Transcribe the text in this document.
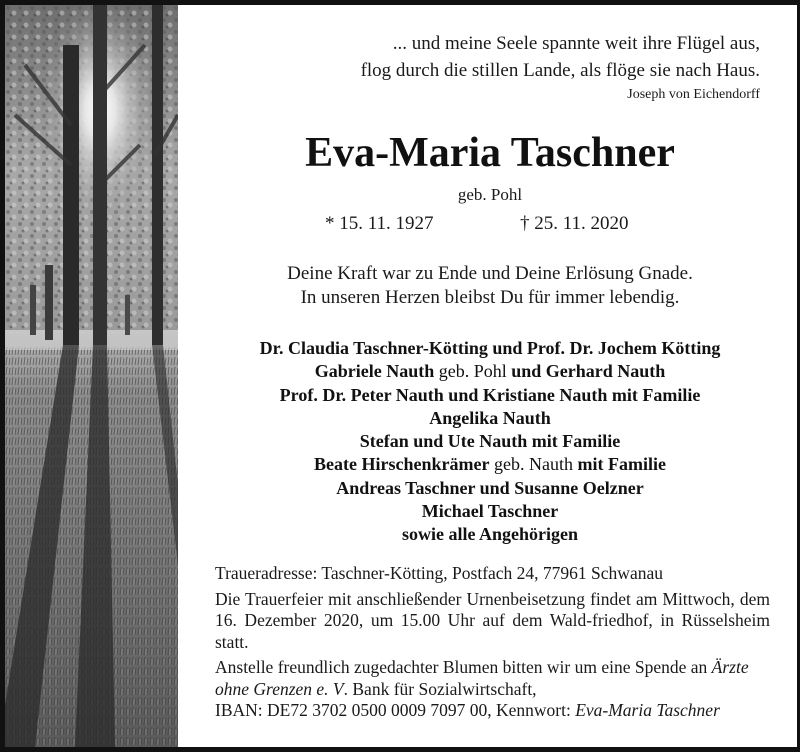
... und meine Seele spannte weit ihre Flügel aus,
flog durch die stillen Lande, als flöge sie nach Haus.
Joseph von Eichendorff
Eva-Maria Taschner
geb. Pohl
* 15. 11. 1927	† 25. 11. 2020
Deine Kraft war zu Ende und Deine Erlösung Gnade.
In unseren Herzen bleibst Du für immer lebendig.
Dr. Claudia Taschner-Kötting und Prof. Dr. Jochem Kötting
Gabriele Nauth geb. Pohl und Gerhard Nauth
Prof. Dr. Peter Nauth und Kristiane Nauth mit Familie
Angelika Nauth
Stefan und Ute Nauth mit Familie
Beate Hirschenkrämer geb. Nauth mit Familie
Andreas Taschner und Susanne Oelzner
Michael Taschner
sowie alle Angehörigen

Traueradresse: Taschner-Kötting, Postfach 24, 77961 Schwanau

Die Trauerfeier mit anschließender Urnenbeisetzung findet am Mittwoch, dem 16. Dezember 2020, um 15.00 Uhr auf dem Wald-friedhof, in Rüsselsheim statt.

Anstelle freundlich zugedachter Blumen bitten wir um eine Spende an Ärzte ohne Grenzen e. V. Bank für Sozialwirtschaft,
IBAN: DE72 3702 0500 0009 7097 00, Kennwort: Eva-Maria Taschner
